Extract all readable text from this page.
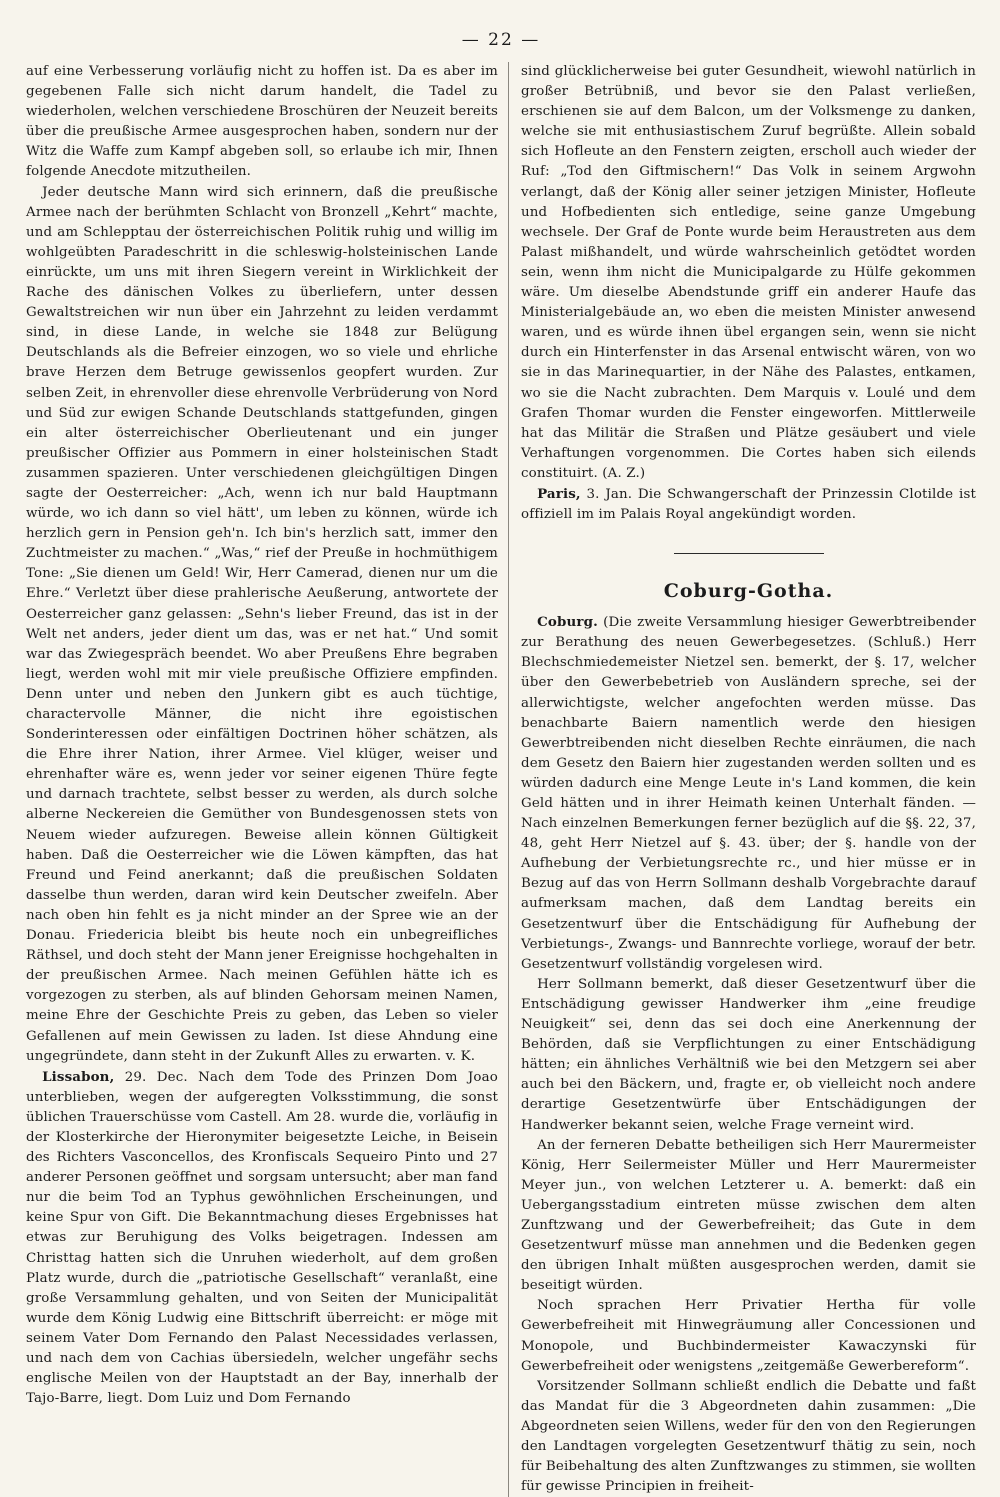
— 22 —

auf eine Verbesserung vorläufig nicht zu hoffen ist. Da es aber im gegebenen Falle sich nicht darum handelt, die Tadel zu wiederholen, welchen verschiedene Broschüren der Neuzeit bereits über die preußische Armee ausgesprochen haben, sondern nur der Witz die Waffe zum Kampf abgeben soll, so erlaube ich mir, Ihnen folgende Anecdote mitzutheilen.

Jeder deutsche Mann wird sich erinnern, daß die preußische Armee nach der berühmten Schlacht von Bronzell „Kehrt“ machte, und am Schlepptau der österreichischen Politik ruhig und willig im wohlgeübten Paradeschritt in die schleswig-holsteinischen Lande einrückte, um uns mit ihren Siegern vereint in Wirklichkeit der Rache des dänischen Volkes zu überliefern, unter dessen Gewaltstreichen wir nun über ein Jahrzehnt zu leiden verdammt sind, in diese Lande, in welche sie 1848 zur Belügung Deutschlands als die Befreier einzogen, wo so viele und ehrliche brave Herzen dem Betruge gewissenlos geopfert wurden. Zur selben Zeit, in ehrenvoller diese ehrenvolle Verbrüderung von Nord und Süd zur ewigen Schande Deutschlands stattgefunden, gingen ein alter österreichischer Oberlieutenant und ein junger preußischer Offizier aus Pommern in einer holsteinischen Stadt zusammen spazieren. Unter verschiedenen gleichgültigen Dingen sagte der Oesterreicher: „Ach, wenn ich nur bald Hauptmann würde, wo ich dann so viel hätt', um leben zu können, würde ich herzlich gern in Pension geh'n. Ich bin's herzlich satt, immer den Zuchtmeister zu machen.“ „Was,“ rief der Preuße in hochmüthigem Tone: „Sie dienen um Geld! Wir, Herr Camerad, dienen nur um die Ehre.“ Verletzt über diese prahlerische Aeußerung, antwortete der Oesterreicher ganz gelassen: „Sehn's lieber Freund, das ist in der Welt net anders, jeder dient um das, was er net hat.“ Und somit war das Zwiegespräch beendet. Wo aber Preußens Ehre begraben liegt, werden wohl mit mir viele preußische Offiziere empfinden. Denn unter und neben den Junkern gibt es auch tüchtige, charactervolle Männer, die nicht ihre egoistischen Sonderinteressen oder einfältigen Doctrinen höher schätzen, als die Ehre ihrer Nation, ihrer Armee. Viel klüger, weiser und ehrenhafter wäre es, wenn jeder vor seiner eigenen Thüre fegte und darnach trachtete, selbst besser zu werden, als durch solche alberne Neckereien die Gemüther von Bundesgenossen stets von Neuem wieder aufzuregen. Beweise allein können Gültigkeit haben. Daß die Oesterreicher wie die Löwen kämpften, das hat Freund und Feind anerkannt; daß die preußischen Soldaten dasselbe thun werden, daran wird kein Deutscher zweifeln. Aber nach oben hin fehlt es ja nicht minder an der Spree wie an der Donau. Friedericia bleibt bis heute noch ein unbegreifliches Räthsel, und doch steht der Mann jener Ereignisse hochgehalten in der preußischen Armee. Nach meinen Gefühlen hätte ich es vorgezogen zu sterben, als auf blinden Gehorsam meinen Namen, meine Ehre der Geschichte Preis zu geben, das Leben so vieler Gefallenen auf mein Gewissen zu laden. Ist diese Ahndung eine ungegründete, dann steht in der Zukunft Alles zu erwarten. v. K.

Lissabon, 29. Dec. Nach dem Tode des Prinzen Dom Joao unterblieben, wegen der aufgeregten Volksstimmung, die sonst üblichen Trauerschüsse vom Castell. Am 28. wurde die, vorläufig in der Klosterkirche der Hieronymiter beigesetzte Leiche, in Beisein des Richters Vasconcellos, des Kronfiscals Sequeiro Pinto und 27 anderer Personen geöffnet und sorgsam untersucht; aber man fand nur die beim Tod an Typhus gewöhnlichen Erscheinungen, und keine Spur von Gift. Die Bekanntmachung dieses Ergebnisses hat etwas zur Beruhigung des Volks beigetragen. Indessen am Christtag hatten sich die Unruhen wiederholt, auf dem großen Platz wurde, durch die „patriotische Gesellschaft“ veranlaßt, eine große Versammlung gehalten, und von Seiten der Municipalität wurde dem König Ludwig eine Bittschrift überreicht: er möge mit seinem Vater Dom Fernando den Palast Necessidades verlassen, und nach dem von Cachias übersiedeln, welcher ungefähr sechs englische Meilen von der Hauptstadt an der Bay, innerhalb der Tajo-Barre, liegt. Dom Luiz und Dom Fernando

sind glücklicherweise bei guter Gesundheit, wiewohl natürlich in großer Betrübniß, und bevor sie den Palast verließen, erschienen sie auf dem Balcon, um der Volksmenge zu danken, welche sie mit enthusiastischem Zuruf begrüßte. Allein sobald sich Hofleute an den Fenstern zeigten, erscholl auch wieder der Ruf: „Tod den Giftmischern!“ Das Volk in seinem Argwohn verlangt, daß der König aller seiner jetzigen Minister, Hofleute und Hofbedienten sich entledige, seine ganze Umgebung wechsele. Der Graf de Ponte wurde beim Heraustreten aus dem Palast mißhandelt, und würde wahrscheinlich getödtet worden sein, wenn ihm nicht die Municipalgarde zu Hülfe gekommen wäre. Um dieselbe Abendstunde griff ein anderer Haufe das Ministerialgebäude an, wo eben die meisten Minister anwesend waren, und es würde ihnen übel ergangen sein, wenn sie nicht durch ein Hinterfenster in das Arsenal entwischt wären, von wo sie in das Marinequartier, in der Nähe des Palastes, entkamen, wo sie die Nacht zubrachten. Dem Marquis v. Loulé und dem Grafen Thomar wurden die Fenster eingeworfen. Mittlerweile hat das Militär die Straßen und Plätze gesäubert und viele Verhaftungen vorgenommen. Die Cortes haben sich eilends constituirt. (A. Z.)

Paris, 3. Jan. Die Schwangerschaft der Prinzessin Clotilde ist offiziell im im Palais Royal angekündigt worden.

Coburg-Gotha.

Coburg. (Die zweite Versammlung hiesiger Gewerbtreibender zur Berathung des neuen Gewerbegesetzes. (Schluß.) Herr Blechschmiedemeister Nietzel sen. bemerkt, der §. 17, welcher über den Gewerbebetrieb von Ausländern spreche, sei der allerwichtigste, welcher angefochten werden müsse. Das benachbarte Baiern namentlich werde den hiesigen Gewerbtreibenden nicht dieselben Rechte einräumen, die nach dem Gesetz den Baiern hier zugestanden werden sollten und es würden dadurch eine Menge Leute in's Land kommen, die kein Geld hätten und in ihrer Heimath keinen Unterhalt fänden. — Nach einzelnen Bemerkungen ferner bezüglich auf die §§. 22, 37, 48, geht Herr Nietzel auf §. 43. über; der §. handle von der Aufhebung der Verbietungsrechte rc., und hier müsse er in Bezug auf das von Herrn Sollmann deshalb Vorgebrachte darauf aufmerksam machen, daß dem Landtag bereits ein Gesetzentwurf über die Entschädigung für Aufhebung der Verbietungs-, Zwangs- und Bannrechte vorliege, worauf der betr. Gesetzentwurf vollständig vorgelesen wird.

Herr Sollmann bemerkt, daß dieser Gesetzentwurf über die Entschädigung gewisser Handwerker ihm „eine freudige Neuigkeit“ sei, denn das sei doch eine Anerkennung der Behörden, daß sie Verpflichtungen zu einer Entschädigung hätten; ein ähnliches Verhältniß wie bei den Metzgern sei aber auch bei den Bäckern, und, fragte er, ob vielleicht noch andere derartige Gesetzentwürfe über Entschädigungen der Handwerker bekannt seien, welche Frage verneint wird.

An der ferneren Debatte betheiligen sich Herr Maurermeister König, Herr Seilermeister Müller und Herr Maurermeister Meyer jun., von welchen Letzterer u. A. bemerkt: daß ein Uebergangsstadium eintreten müsse zwischen dem alten Zunftzwang und der Gewerbefreiheit; das Gute in dem Gesetzentwurf müsse man annehmen und die Bedenken gegen den übrigen Inhalt müßten ausgesprochen werden, damit sie beseitigt würden.

Noch sprachen Herr Privatier Hertha für volle Gewerbefreiheit mit Hinwegräumung aller Concessionen und Monopole, und Buchbindermeister Kawaczynski für Gewerbefreiheit oder wenigstens „zeitgemäße Gewerbereform“.

Vorsitzender Sollmann schließt endlich die Debatte und faßt das Mandat für die 3 Abgeordneten dahin zusammen: „Die Abgeordneten seien Willens, weder für den von den Regierungen den Landtagen vorgelegten Gesetzentwurf thätig zu sein, noch für Beibehaltung des alten Zunftzwanges zu stimmen, sie wollten für gewisse Principien in freiheit-
